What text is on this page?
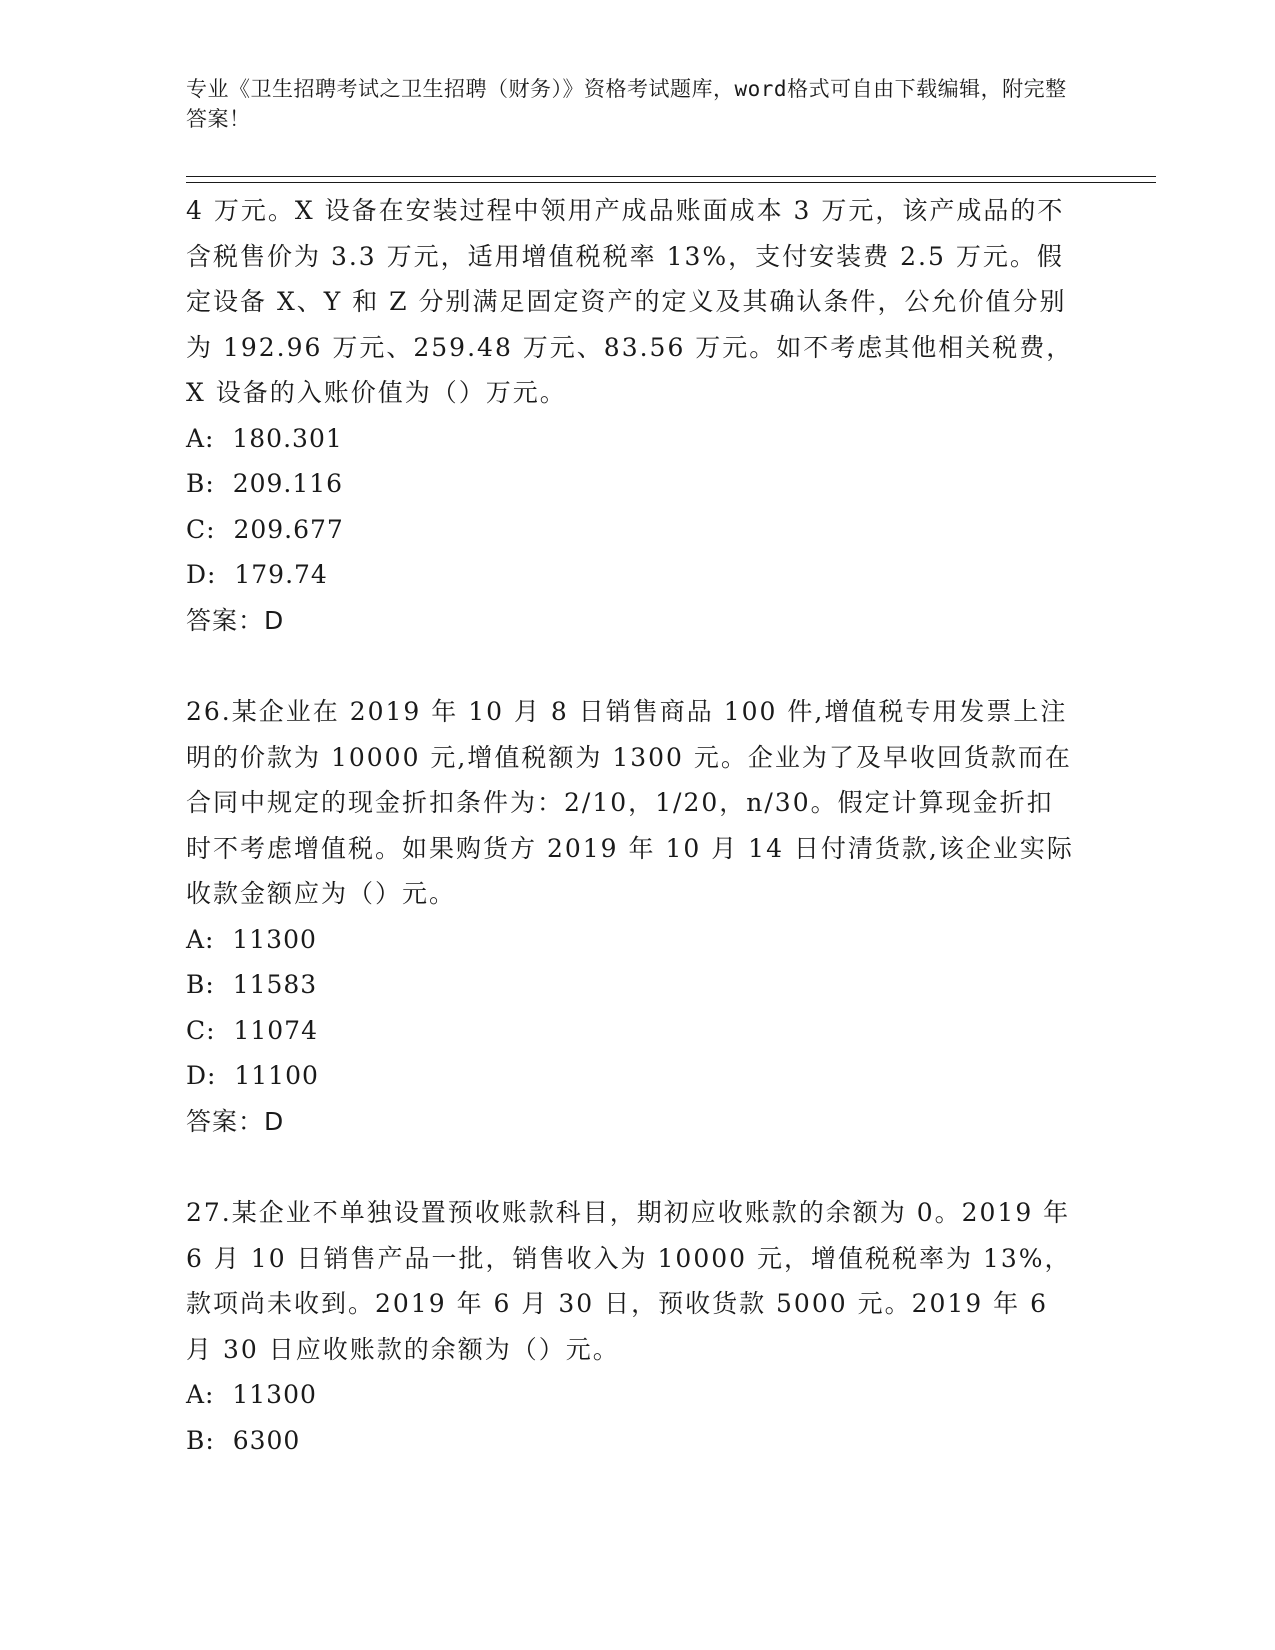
专业《卫生招聘考试之卫生招聘（财务）》资格考试题库，word格式可自由下载编辑，附完整答案！

4 万元。X 设备在安装过程中领用产成品账面成本 3 万元，该产成品的不含税售价为 3.3 万元，适用增值税税率 13%，支付安装费 2.5 万元。假定设备 X、Y 和 Z 分别满足固定资产的定义及其确认条件，公允价值分别为 192.96 万元、259.48 万元、83.56 万元。如不考虑其他相关税费，X 设备的入账价值为（）万元。

A:  180.301

B:  209.116

C:  209.677

D:  179.74

答案：D

26.某企业在 2019 年 10 月 8 日销售商品 100 件,增值税专用发票上注明的价款为 10000 元,增值税额为 1300 元。企业为了及早收回货款而在合同中规定的现金折扣条件为：2/10，1/20，n/30。假定计算现金折扣时不考虑增值税。如果购货方 2019 年 10 月 14 日付清货款,该企业实际收款金额应为（）元。

A:  11300

B:  11583

C:  11074

D:  11100

答案：D

27.某企业不单独设置预收账款科目，期初应收账款的余额为 0。2019 年 6 月 10 日销售产品一批，销售收入为 10000 元，增值税税率为 13%，款项尚未收到。2019 年 6 月 30 日，预收货款 5000 元。2019 年 6 月 30 日应收账款的余额为（）元。

A:  11300

B:  6300
